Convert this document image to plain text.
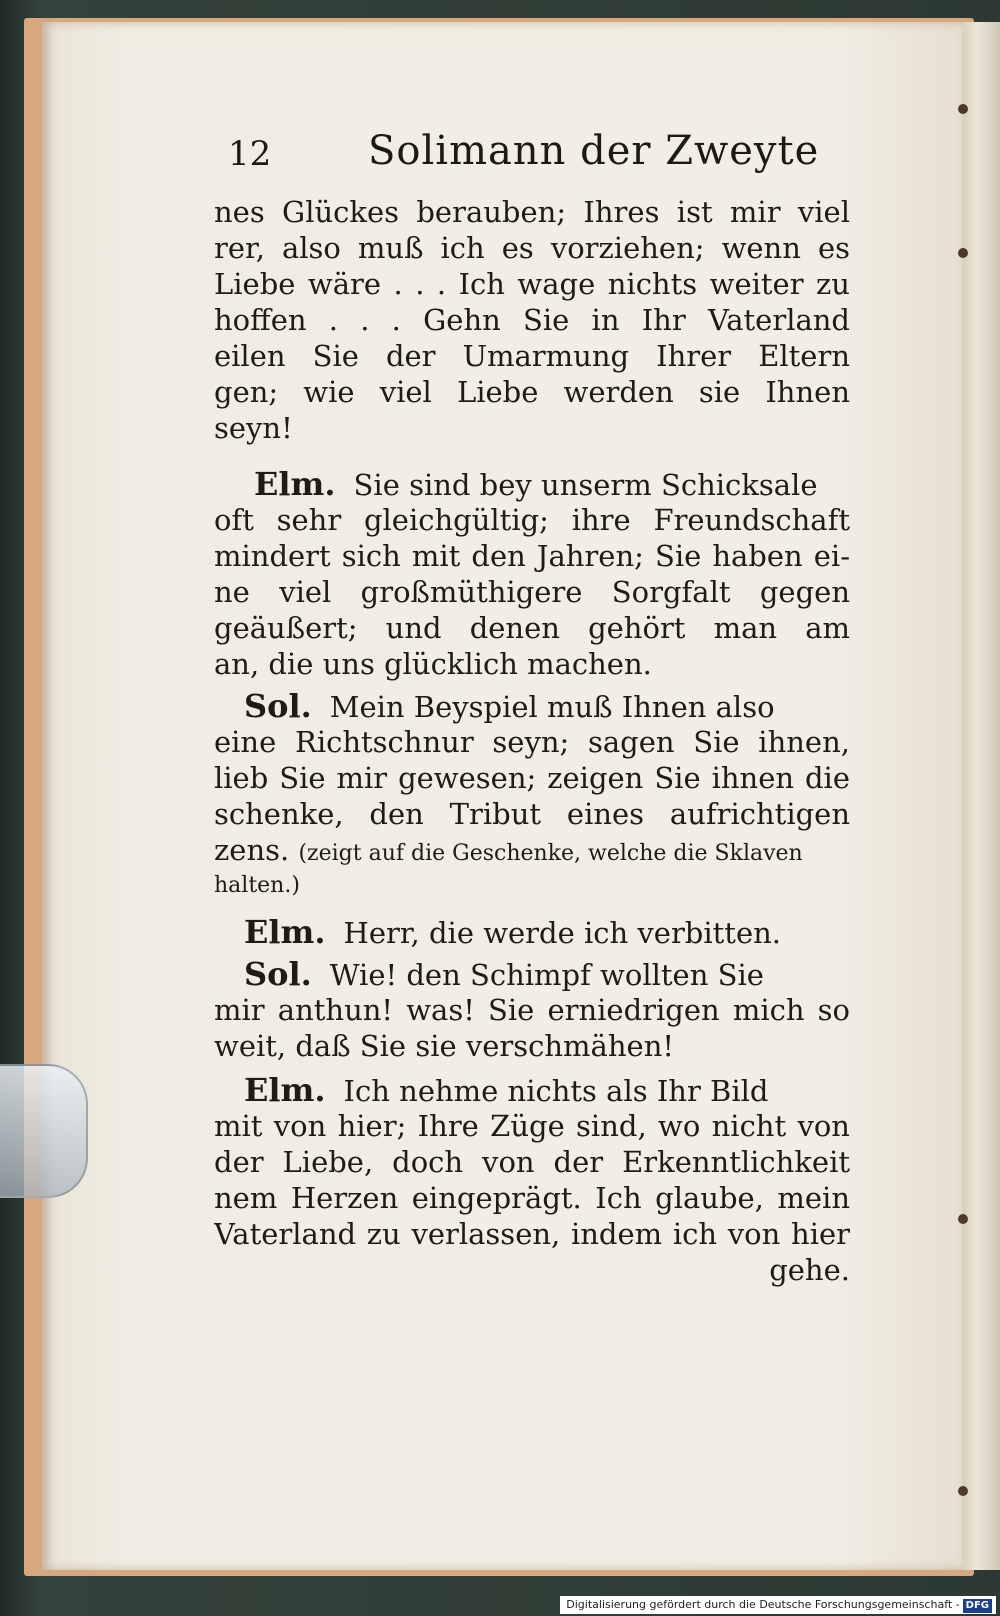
12 Solimann der Zweyte
nes Glückes berauben; Ihres ist mir viel
rer, also muß ich es vorziehen; wenn es
Liebe wäre . . . Ich wage nichts weiter zu
hoffen . . . Gehn Sie in Ihr Vaterland
eilen Sie der Umarmung Ihrer Eltern
gen; wie viel Liebe werden sie Ihnen
seyn!
Elm. Sie sind bey unserm Schicksale
oft sehr gleichgültig; ihre Freundschaft
mindert sich mit den Jahren; Sie haben ei-
ne viel großmüthigere Sorgfalt gegen
geäußert; und denen gehört man am
an, die uns glücklich machen.
Sol. Mein Beyspiel muß Ihnen also
eine Richtschnur seyn; sagen Sie ihnen,
lieb Sie mir gewesen; zeigen Sie ihnen die
schenke, den Tribut eines aufrichtigen
zens. (zeigt auf die Geschenke, welche die Sklaven
halten.)
Elm. Herr, die werde ich verbitten.
Sol. Wie! den Schimpf wollten Sie
mir anthun! was! Sie erniedrigen mich so
weit, daß Sie sie verschmähen!
Elm. Ich nehme nichts als Ihr Bild
mit von hier; Ihre Züge sind, wo nicht von
der Liebe, doch von der Erkenntlichkeit
nem Herzen eingeprägt. Ich glaube, mein
Vaterland zu verlassen, indem ich von hier
gehe.
Digitalisierung gefördert durch die Deutsche Forschungsgemeinschaft - DFG
